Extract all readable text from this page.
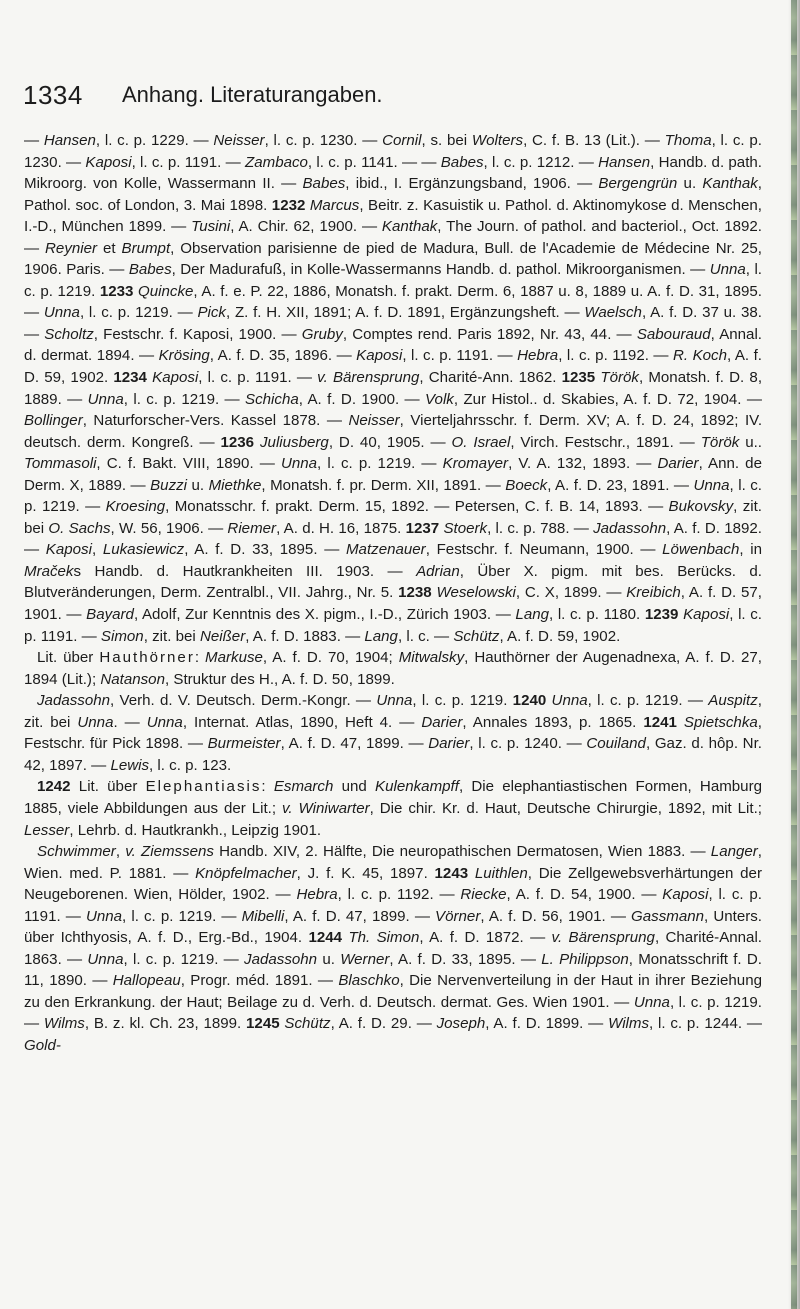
1334 Anhang. Literaturangaben.

— Hansen, l. c. p. 1229. — Neisser, l. c. p. 1230. — Cornil, s. bei Wolters, C. f. B. 13 (Lit.). — Thoma, l. c. p. 1230. — Kaposi, l. c. p. 1191. — Zambaco, l. c. p. 1141. — — Babes, l. c. p. 1212. — Hansen, Handb. d. path. Mikroorg. von Kolle, Wassermann II. — Babes, ibid., I. Ergänzungsband, 1906. — Bergengrün u. Kanthak, Pathol. soc. of London, 3. Mai 1898. 1232 Marcus, Beitr. z. Kasuistik u. Pathol. d. Aktinomykose d. Menschen, I.-D., München 1899. — Tusini, A. Chir. 62, 1900. — Kanthak, The Journ. of pathol. and bacteriol., Oct. 1892. — Reynier et Brumpt, Observation parisienne de pied de Madura, Bull. de l'Academie de Médecine Nr. 25, 1906. Paris. — Babes, Der Madurafuß, in Kolle-Wassermanns Handb. d. pathol. Mikroorganismen. — Unna, l. c. p. 1219. 1233 Quincke, A. f. e. P. 22, 1886, Monatsh. f. prakt. Derm. 6, 1887 u. 8, 1889 u. A. f. D. 31, 1895. — Unna, l. c. p. 1219. — Pick, Z. f. H. XII, 1891; A. f. D. 1891, Ergänzungsheft. — Waelsch, A. f. D. 37 u. 38. — Scholtz, Festschr. f. Kaposi, 1900. — Gruby, Comptes rend. Paris 1892, Nr. 43, 44. — Sabouraud, Annal. d. dermat. 1894. — Krösing, A. f. D. 35, 1896. — Kaposi, l. c. p. 1191. — Hebra, l. c. p. 1192. — R. Koch, A. f. D. 59, 1902. 1234 Kaposi, l. c. p. 1191. — v. Bärensprung, Charité-Ann. 1862. 1235 Török, Monatsh. f. D. 8, 1889. — Unna, l. c. p. 1219. — Schicha, A. f. D. 1900. — Volk, Zur Histol.. d. Skabies, A. f. D. 72, 1904. — Bollinger, Naturforscher-Vers. Kassel 1878. — Neisser, Vierteljahrsschr. f. Derm. XV; A. f. D. 24, 1892; IV. deutsch. derm. Kongreß. — 1236 Juliusberg, D. 40, 1905. — O. Israel, Virch. Festschr., 1891. — Török u.. Tommasoli, C. f. Bakt. VIII, 1890. — Unna, l. c. p. 1219. — Kromayer, V. A. 132, 1893. — Darier, Ann. de Derm. X, 1889. — Buzzi u. Miethke, Monatsh. f. pr. Derm. XII, 1891. — Boeck, A. f. D. 23, 1891. — Unna, l. c. p. 1219. — Kroesing, Monatsschr. f. prakt. Derm. 15, 1892. — Petersen, C. f. B. 14, 1893. — Bukovsky, zit. bei O. Sachs, W. 56, 1906. — Riemer, A. d. H. 16, 1875. 1237 Stoerk, l. c. p. 788. — Jadassohn, A. f. D. 1892. — Kaposi, Lukasiewicz, A. f. D. 33, 1895. — Matzenauer, Festschr. f. Neumann, 1900. — Löwenbach, in Mračeks Handb. d. Hautkrankheiten III. 1903. — Adrian, Über X. pigm. mit bes. Berücks. d. Blutveränderungen, Derm. Zentralbl., VII. Jahrg., Nr. 5. 1238 Weselowski, C. X, 1899. — Kreibich, A. f. D. 57, 1901. — Bayard, Adolf, Zur Kenntnis des X. pigm., I.-D., Zürich 1903. — Lang, l. c. p. 1180. 1239 Kaposi, l. c. p. 1191. — Simon, zit. bei Neißer, A. f. D. 1883. — Lang, l. c. — Schütz, A. f. D. 59, 1902.

Lit. über Hauthörner: Markuse, A. f. D. 70, 1904; Mitwalsky, Hauthörner der Augenadnexa, A. f. D. 27, 1894 (Lit.); Natanson, Struktur des H., A. f. D. 50, 1899.

Jadassohn, Verh. d. V. Deutsch. Derm.-Kongr. — Unna, l. c. p. 1219. 1240 Unna, l. c. p. 1219. — Auspitz, zit. bei Unna. — Unna, Internat. Atlas, 1890, Heft 4. — Darier, Annales 1893, p. 1865. 1241 Spietschka, Festschr. für Pick 1898. — Burmeister, A. f. D. 47, 1899. — Darier, l. c. p. 1240. — Couiland, Gaz. d. hôp. Nr. 42, 1897. — Lewis, l. c. p. 123.

1242 Lit. über Elephantiasis: Esmarch und Kulenkampff, Die elephantiastischen Formen, Hamburg 1885, viele Abbildungen aus der Lit.; v. Winiwarter, Die chir. Kr. d. Haut, Deutsche Chirurgie, 1892, mit Lit.; Lesser, Lehrb. d. Hautkrankh., Leipzig 1901.

Schwimmer, v. Ziemssens Handb. XIV, 2. Hälfte, Die neuropathischen Dermatosen, Wien 1883. — Langer, Wien. med. P. 1881. — Knöpfelmacher, J. f. K. 45, 1897. 1243 Luithlen, Die Zellgewebsverhärtungen der Neugeborenen. Wien, Hölder, 1902. — Hebra, l. c. p. 1192. — Riecke, A. f. D. 54, 1900. — Kaposi, l. c. p. 1191. — Unna, l. c. p. 1219. — Mibelli, A. f. D. 47, 1899. — Vörner, A. f. D. 56, 1901. — Gassmann, Unters. über Ichthyosis, A. f. D., Erg.-Bd., 1904. 1244 Th. Simon, A. f. D. 1872. — v. Bärensprung, Charité-Annal. 1863. — Unna, l. c. p. 1219. — Jadassohn u. Werner, A. f. D. 33, 1895. — L. Philippson, Monatsschrift f. D. 11, 1890. — Hallopeau, Progr. méd. 1891. — Blaschko, Die Nervenverteilung in der Haut in ihrer Beziehung zu den Erkrankung. der Haut; Beilage zu d. Verh. d. Deutsch. dermat. Ges. Wien 1901. — Unna, l. c. p. 1219. — Wilms, B. z. kl. Ch. 23, 1899. 1245 Schütz, A. f. D. 29. — Joseph, A. f. D. 1899. — Wilms, l. c. p. 1244. — Gold-
